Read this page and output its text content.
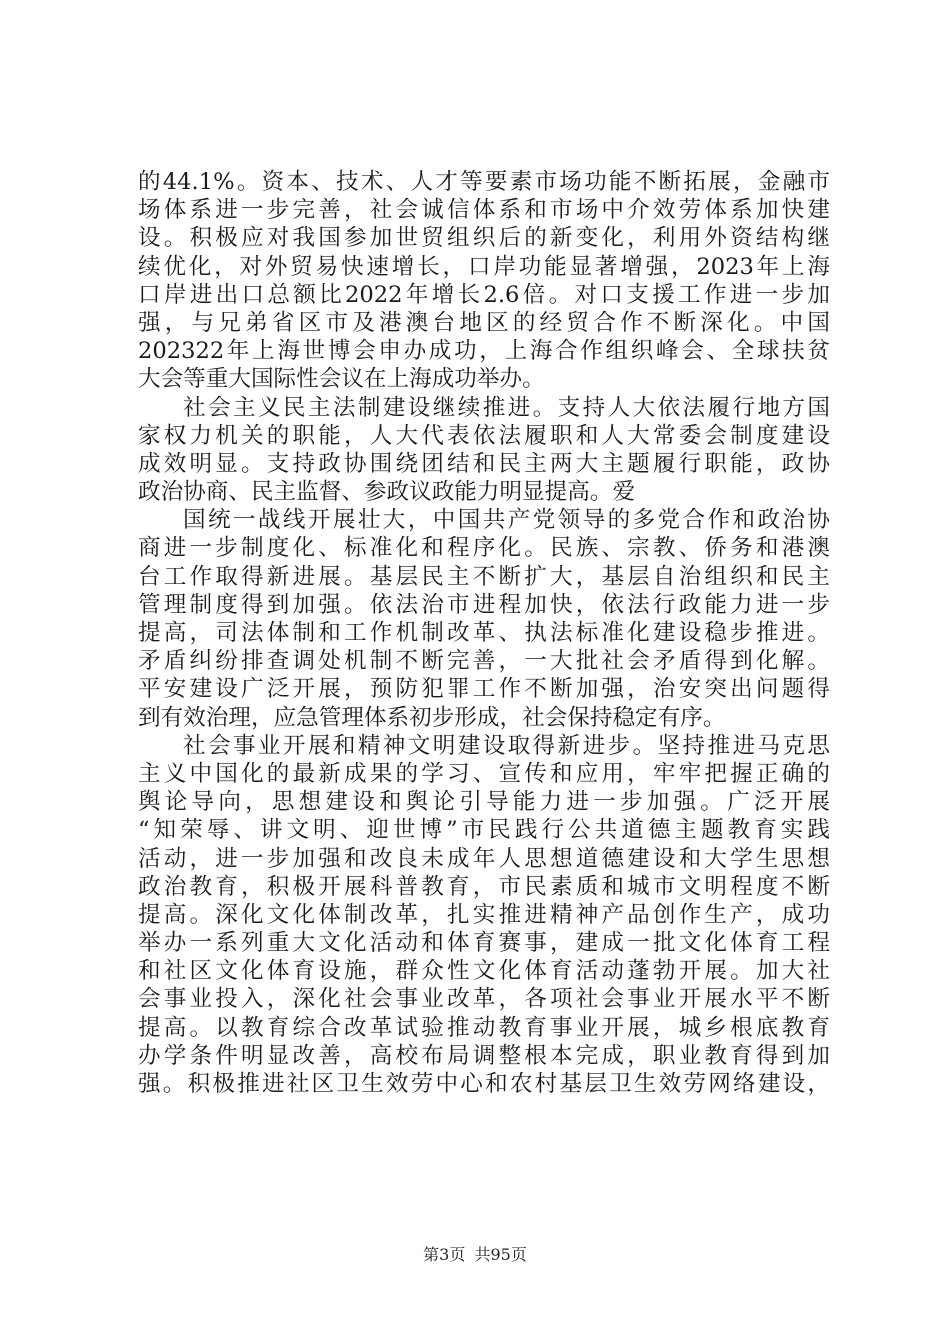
的44.1%。资本、技术、人才等要素市场功能不断拓展，金融市
场体系进一步完善，社会诚信体系和市场中介效劳体系加快建
设。积极应对我国参加世贸组织后的新变化，利用外资结构继
续优化，对外贸易快速增长，口岸功能显著增强，2023年上海
口岸进出口总额比2022年增长2.6倍。对口支援工作进一步加
强，与兄弟省区市及港澳台地区的经贸合作不断深化。中国
202322年上海世博会申办成功，上海合作组织峰会、全球扶贫
大会等重大国际性会议在上海成功举办。
社会主义民主法制建设继续推进。支持人大依法履行地方国
家权力机关的职能，人大代表依法履职和人大常委会制度建设
成效明显。支持政协围绕团结和民主两大主题履行职能，政协
政治协商、民主监督、参政议政能力明显提高。爱
国统一战线开展壮大，中国共产党领导的多党合作和政治协
商进一步制度化、标准化和程序化。民族、宗教、侨务和港澳
台工作取得新进展。基层民主不断扩大，基层自治组织和民主
管理制度得到加强。依法治市进程加快，依法行政能力进一步
提高，司法体制和工作机制改革、执法标准化建设稳步推进。
矛盾纠纷排查调处机制不断完善，一大批社会矛盾得到化解。
平安建设广泛开展，预防犯罪工作不断加强，治安突出问题得
到有效治理，应急管理体系初步形成，社会保持稳定有序。
社会事业开展和精神文明建设取得新进步。坚持推进马克思
主义中国化的最新成果的学习、宣传和应用，牢牢把握正确的
舆论导向，思想建设和舆论引导能力进一步加强。广泛开展
“知荣辱、讲文明、迎世博”市民践行公共道德主题教育实践
活动，进一步加强和改良未成年人思想道德建设和大学生思想
政治教育，积极开展科普教育，市民素质和城市文明程度不断
提高。深化文化体制改革，扎实推进精神产品创作生产，成功
举办一系列重大文化活动和体育赛事，建成一批文化体育工程
和社区文化体育设施，群众性文化体育活动蓬勃开展。加大社
会事业投入，深化社会事业改革，各项社会事业开展水平不断
提高。以教育综合改革试验推动教育事业开展，城乡根底教育
办学条件明显改善，高校布局调整根本完成，职业教育得到加
强。积极推进社区卫生效劳中心和农村基层卫生效劳网络建设，
第3页 共95页
